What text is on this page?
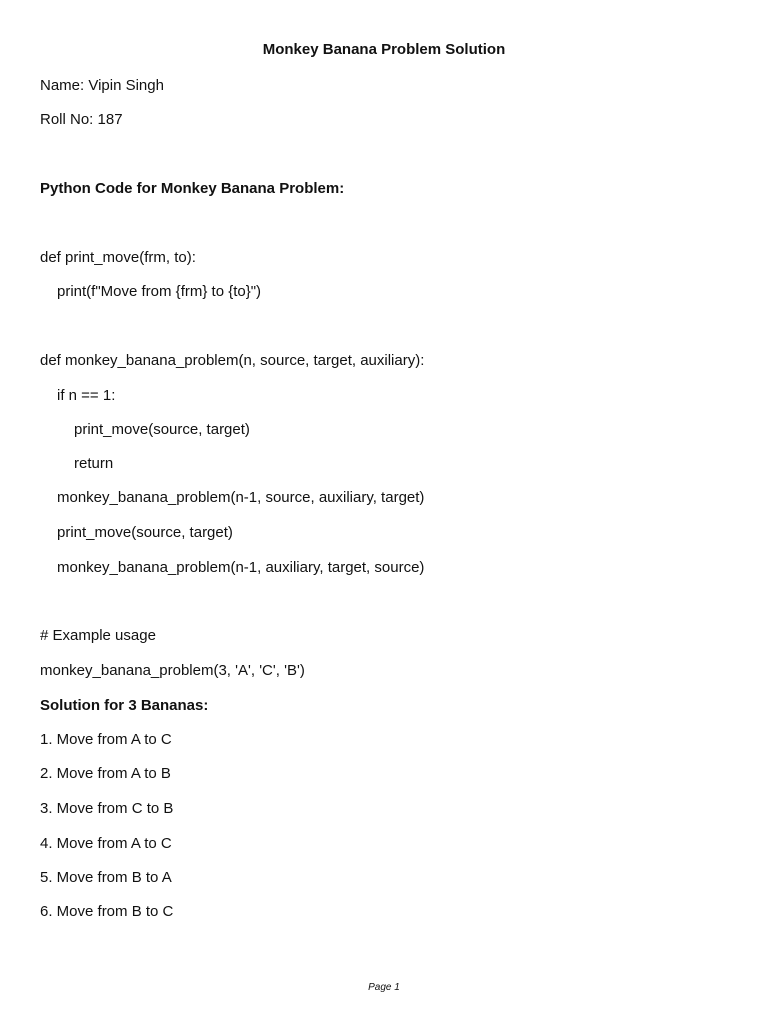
Monkey Banana Problem Solution
Name: Vipin Singh
Roll No: 187
Python Code for Monkey Banana Problem:
def print_move(frm, to):
print(f"Move from {frm} to {to}")
def monkey_banana_problem(n, source, target, auxiliary):
if n == 1:
print_move(source, target)
return
monkey_banana_problem(n-1, source, auxiliary, target)
print_move(source, target)
monkey_banana_problem(n-1, auxiliary, target, source)
# Example usage
monkey_banana_problem(3, 'A', 'C', 'B')
Solution for 3 Bananas:
1. Move from A to C
2. Move from A to B
3. Move from C to B
4. Move from A to C
5. Move from B to A
6. Move from B to C
Page 1
